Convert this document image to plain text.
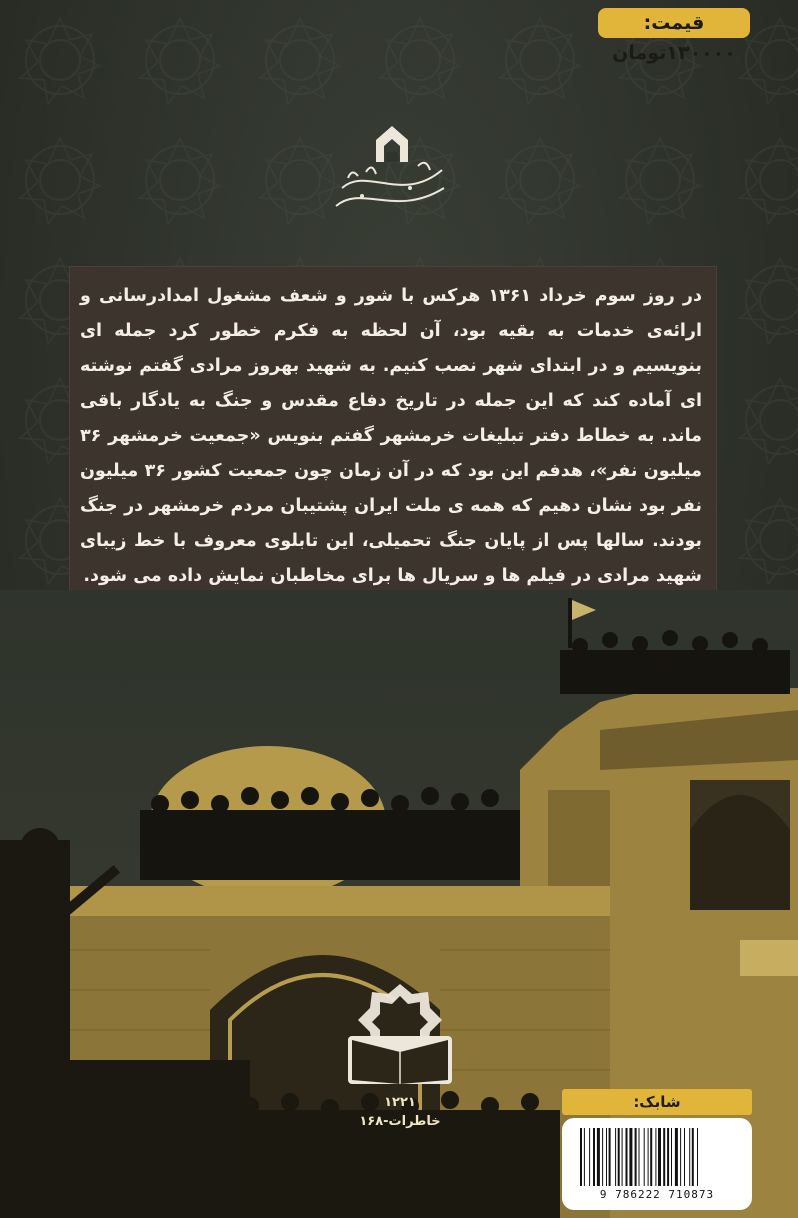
قیمت: ۱۳۰۰۰۰تومان

در روز سوم خرداد ۱۳۶۱ هرکس با شور و شعف مشغول امدادرسانی و ارائه‌ی خدمات به بقیه بود، آن لحظه به فکرم خطور کرد جمله ای بنویسیم و در ابتدای شهر نصب کنیم. به شهید بهروز مرادی گفتم نوشته ای آماده کند که این جمله در تاریخ دفاع مقدس و جنگ به یادگار باقی ماند. به خطاط دفتر تبلیغات خرمشهر گفتم بنویس «جمعیت خرمشهر ۳۶ میلیون نفر»، هدفم این بود که در آن زمان چون جمعیت کشور ۳۶ میلیون نفر بود نشان دهیم که همه ی ملت ایران پشتیبان مردم خرمشهر در جنگ بودند. سالها پس از پایان جنگ تحمیلی، این تابلوی معروف با خط زیبای شهید مرادی در فیلم ها و سریال ها برای مخاطبان نمایش داده می شود.

۱۲۲۱
خاطرات-۱۶۸
شابک:
9 786222 710873
